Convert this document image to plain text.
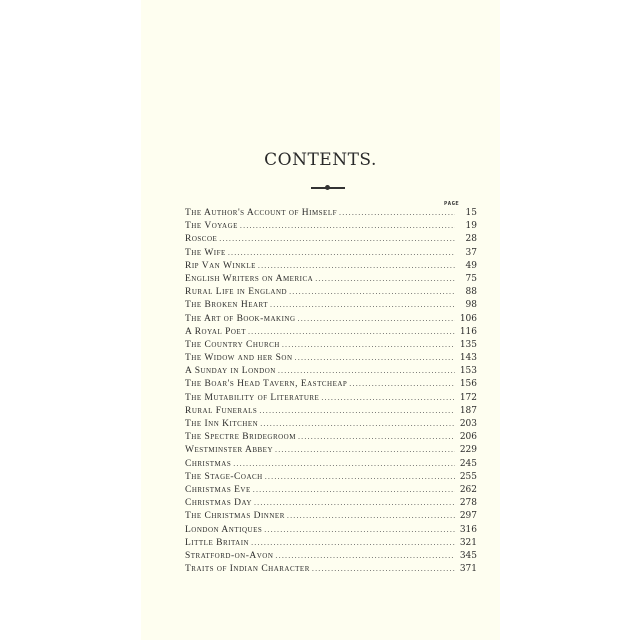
CONTENTS.
PAGE
The Author's Account of Himself .....	15
The Voyage .....	19
Roscoe .....	28
The Wife .....	37
Rip Van Winkle .....	49
English Writers on America .....	75
Rural Life in England .....	88
The Broken Heart .....	98
The Art of Book-making .....	106
A Royal Poet .....	116
The Country Church .....	135
The Widow and her Son .....	143
A Sunday in London .....	153
The Boar's Head Tavern, Eastcheap .....	156
The Mutability of Literature .....	172
Rural Funerals .....	187
The Inn Kitchen .....	203
The Spectre Bridegroom .....	206
Westminster Abbey .....	229
Christmas .....	245
The Stage-Coach .....	255
Christmas Eve .....	262
Christmas Day .....	278
The Christmas Dinner .....	297
London Antiques .....	316
Little Britain .....	321
Stratford-on-Avon .....	345
Traits of Indian Character .....	371
